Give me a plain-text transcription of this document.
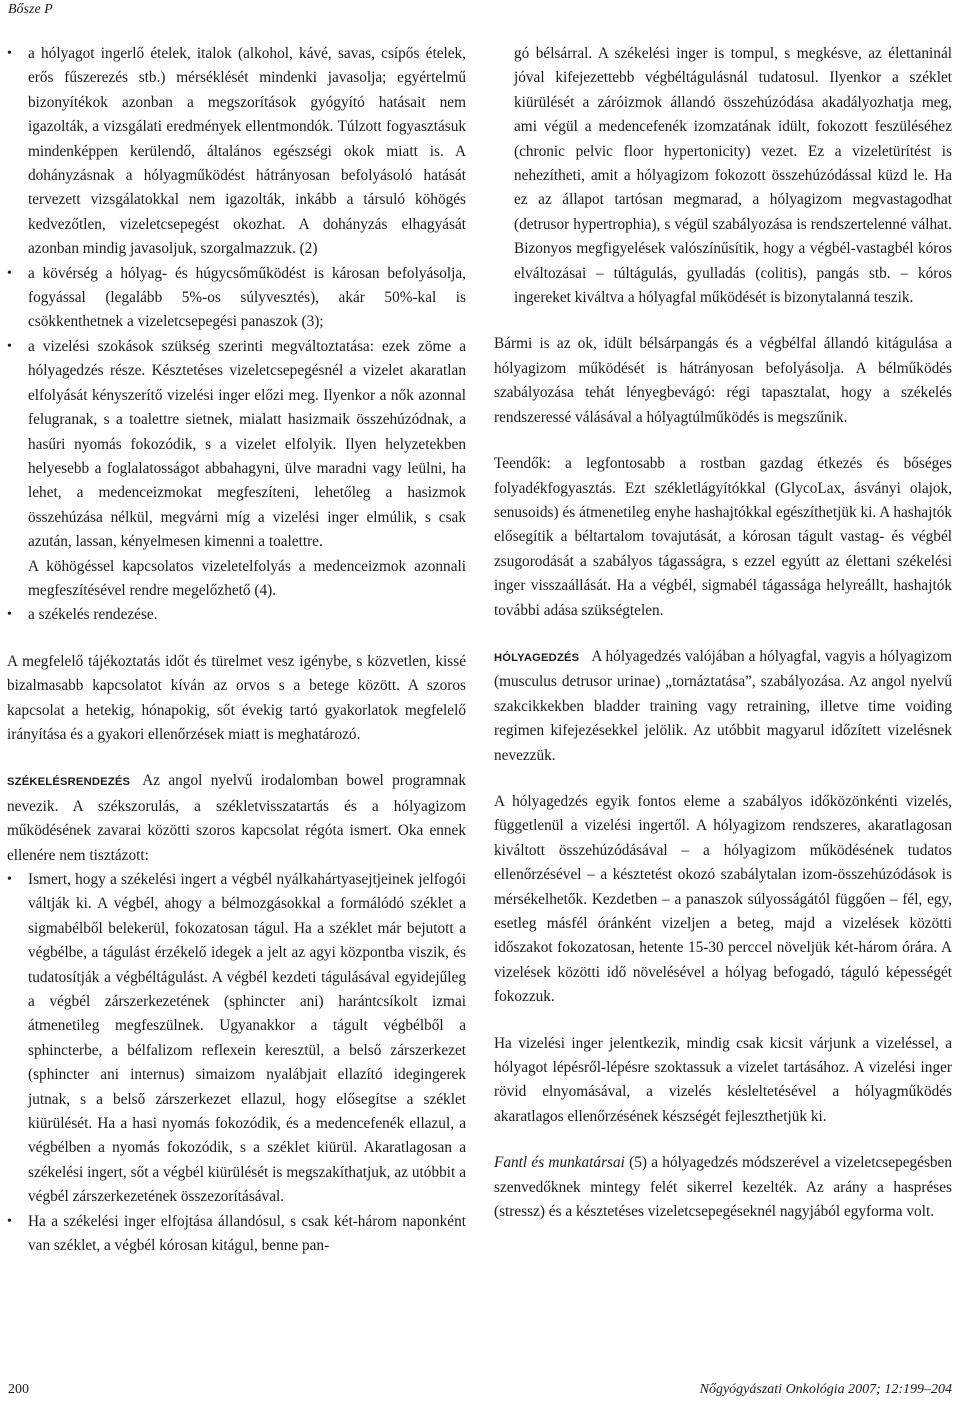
Bősze P
• a hólyagot ingerlő ételek, italok (alkohol, kávé, savas, csípős ételek, erős fűszerezés stb.) mérséklését mindenki javasolja; egyértelmű bizonyítékok azonban a megszorítások gyógyító hatásait nem igazolták, a vizsgálati eredmények ellentmondók. Túlzott fogyasztásuk mindenképpen kerülendő, általános egészségi okok miatt is. A dohányzásnak a hólyagműködést hátrányosan befolyásoló hatását tervezett vizsgálatokkal nem igazolták, inkább a társuló köhögés kedvezőtlen, vizeletcsepegést okozhat. A dohányzás elhagyását azonban mindig javasoljuk, szorgalmazzuk. (2)
• a kövérség a hólyag- és húgycsőműködést is károsan befolyásolja, fogyással (legalább 5%-os súlyvesztés), akár 50%-kal is csökkenthetnek a vizeletcsepegési panaszok (3);
• a vizelési szokások szükség szerinti megváltoztatása: ezek zöme a hólyagedzés része. Késztetéses vizeletcsepegésnél a vizelet akaratlan elfolyását kényszerítő vizelési inger előzi meg. Ilyenkor a nők azonnal felugranak, s a toalettre sietnek, mialatt hasizmaik összehúzódnak, a hasűri nyomás fokozódik, s a vizelet elfolyik. Ilyen helyzetekben helyesebb a foglalatosságot abbahagyni, ülve maradni vagy leülni, ha lehet, a medenceizmokat megfeszíteni, lehetőleg a hasizmok összehúzása nélkül, megvárni míg a vizelési inger elmúlik, s csak azután, lassan, kényelmesen kimenni a toalettre.

A köhögéssel kapcsolatos vizeletelfolyás a medenceizmok azonnali megfeszítésével rendre megelőzhető (4).

• a székelés rendezése.

A megfelelő tájékoztatás időt és türelmet vesz igénybe, s közvetlen, kissé bizalmasabb kapcsolatot kíván az orvos s a betege között. A szoros kapcsolat a hetekig, hónapokig, sőt évekig tartó gyakorlatok megfelelő irányítása és a gyakori ellenőrzések miatt is meghatározó.

SZÉKELÉSRENDEZÉS Az angol nyelvű irodalomban bowel programnak nevezik. A székszorulás, a székletvisszatartás és a hólyagizom működésének zavarai közötti szoros kapcsolat régóta ismert. Oka ennek ellenére nem tisztázott:

• Ismert, hogy a székelési ingert a végbél nyálkahártyasejtjeinek jelfogói váltják ki. A végbél, ahogy a bélmozgásokkal a formálódó széklet a sigmabélből belekerül, fokozatosan tágul. Ha a széklet már bejutott a végbélbe, a tágulást érzékelő idegek a jelt az agyi központba viszik, és tudatosítják a végbéltágulást. A végbél kezdeti tágulásával egyidejűleg a végbél zárszerkezetének (sphincter ani) harántcsíkolt izmai átmenetileg megfeszülnek. Ugyanakkor a tágult végbélből a sphincterbe, a bélfalizom reflexein keresztül, a belső zárszerkezet (sphincter ani internus) simaizom nyalábjait ellazító idegingerek jutnak, s a belső zárszerkezet ellazul, hogy elősegítse a széklet kiürülését. Ha a hasi nyomás fokozódik, és a medencefenék ellazul, a végbélben a nyomás fokozódik, s a széklet kiürül. Akaratlagosan a székelési ingert, sőt a végbél kiürülését is megszakíthatjuk, az utóbbit a végbél zárszerkezetének összezorításával.
• Ha a székelési inger elfojtása állandósul, s csak két-három naponként van széklet, a végbél kórosan kitágul, benne pan-

gó bélsárral. A székelési inger is tompul, s megkésve, az élettaninál jóval kifejezettebb végbéltágulásnál tudatosul. Ilyenkor a széklet kiürülését a záróizmok állandó összehúzódása akadályozhatja meg, ami végül a medencefenék izomzatának idült, fokozott feszüléséhez (chronic pelvic floor hypertonicity) vezet. Ez a vizeletürítést is nehezítheti, amit a hólyagizom fokozott összehúzódással küzd le. Ha ez az állapot tartósan megmarad, a hólyagizom megvastagodhat (detrusor hypertrophia), s végül szabályozása is rendszertelenné válhat. Bizonyos megfigyelések valószínűsítik, hogy a végbél-vastagbél kóros elváltozásai – túltágulás, gyulladás (colitis), pangás stb. – kóros ingereket kiváltva a hólyagfal működését is bizonytalanná teszik.

Bármi is az ok, idült bélsárpangás és a végbélfal állandó kitágulása a hólyagizom működését is hátrányosan befolyásolja. A bélműködés szabályozása tehát lényegbevágó: régi tapasztalat, hogy a székelés rendszeressé válásával a hólyagtúlműködés is megszűnik.

Teendők: a legfontosabb a rostban gazdag étkezés és bőséges folyadékfogyasztás. Ezt székletlágyítókkal (GlycoLax, ásványi olajok, senusoids) és átmenetileg enyhe hashajtókkal egészíthetjük ki. A hashajtók elősegítik a béltartalom tovajutását, a kórosan tágult vastag- és végbél zsugorodását a szabályos tágasságra, s ezzel egyútt az élettani székelési inger visszaállását. Ha a végbél, sigmabél tágassága helyreállt, hashajtók további adása szükségtelen.

HÓLYAGEDZÉS A hólyagedzés valójában a hólyagfal, vagyis a hólyagizom (musculus detrusor urinae) „tornáztatása”, szabályozása. Az angol nyelvű szakcikkekben bladder training vagy retraining, illetve time voiding regimen kifejezésekkel jelölik. Az utóbbit magyarul időzített vizelésnek nevezzük.

A hólyagedzés egyik fontos eleme a szabályos időközönkénti vizelés, függetlenül a vizelési ingertől. A hólyagizom rendszeres, akaratlagosan kiváltott összehúzódásával – a hólyagizom működésének tudatos ellenőrzésével – a késztetést okozó szabálytalan izom-összehúzódások is mérsékelhetők. Kezdetben – a panaszok súlyosságától függően – fél, egy, esetleg másfél óránként vizeljen a beteg, majd a vizelések közötti időszakot fokozatosan, hetente 15-30 perccel növeljük két-három órára. A vizelések közötti idő növelésével a hólyag befogadó, táguló képességét fokozzuk.

Ha vizelési inger jelentkezik, mindig csak kicsit várjunk a vizeléssel, a hólyagot lépésről-lépésre szoktassuk a vizelet tartásához. A vizelési inger rövid elnyomásával, a vizelés késleltetésével a hólyagműködés akaratlagos ellenőrzésének készségét fejleszthetjük ki.

Fantl és munkatársai (5) a hólyagedzés módszerével a vizeletcsepegésben szenvedőknek mintegy felét sikerrel kezelték. Az arány a haspréses (stressz) és a késztetéses vizeletcsepegéseknél nagyjából egyforma volt.

200	Nőgyógyászati Onkológia 2007; 12:199–204
